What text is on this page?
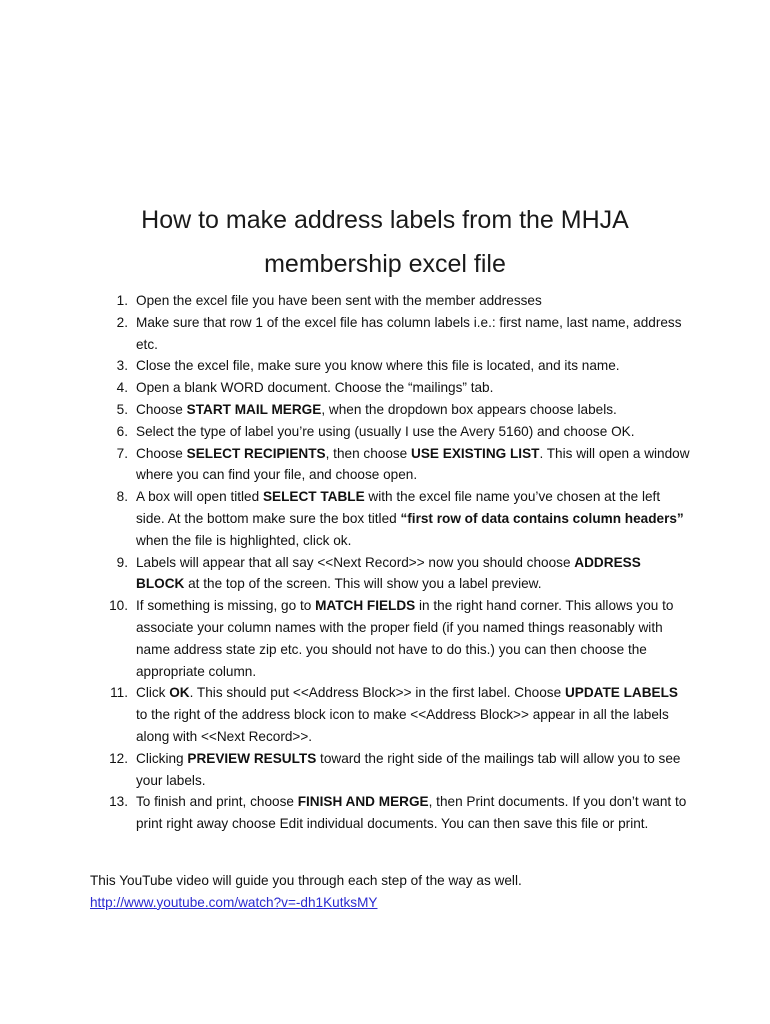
How to make address labels from the MHJA
membership excel file
1. Open the excel file you have been sent with the member addresses
2. Make sure that row 1 of the excel file has column labels i.e.: first name, last name, address etc.
3. Close the excel file, make sure you know where this file is located, and its name.
4. Open a blank WORD document. Choose the “mailings” tab.
5. Choose START MAIL MERGE, when the dropdown box appears choose labels.
6. Select the type of label you’re using (usually I use the Avery 5160) and choose OK.
7. Choose SELECT RECIPIENTS, then choose USE EXISTING LIST. This will open a window where you can find your file, and choose open.
8. A box will open titled SELECT TABLE with the excel file name you’ve chosen at the left side. At the bottom make sure the box titled “first row of data contains column headers” when the file is highlighted, click ok.
9. Labels will appear that all say <<Next Record>> now you should choose ADDRESS BLOCK at the top of the screen. This will show you a label preview.
10. If something is missing, go to MATCH FIELDS in the right hand corner. This allows you to associate your column names with the proper field (if you named things reasonably with name address state zip etc. you should not have to do this.) you can then choose the appropriate column.
11. Click OK. This should put <<Address Block>> in the first label. Choose UPDATE LABELS to the right of the address block icon to make <<Address Block>> appear in all the labels along with <<Next Record>>.
12. Clicking PREVIEW RESULTS toward the right side of the mailings tab will allow you to see your labels.
13. To finish and print, choose FINISH AND MERGE, then Print documents. If you don’t want to print right away choose Edit individual documents. You can then save this file or print.
This YouTube video will guide you through each step of the way as well.
http://www.youtube.com/watch?v=-dh1KutksMY
